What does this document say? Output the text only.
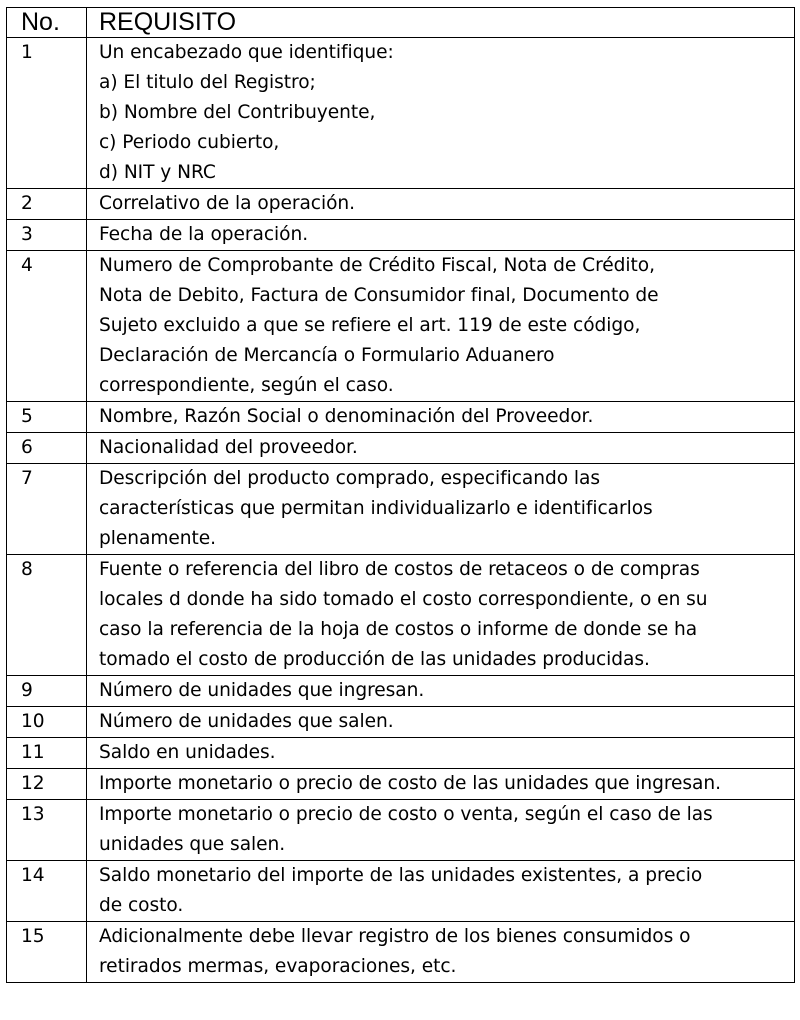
No.	REQUISITO
1	Un encabezado que identifique:
a) El titulo del Registro;
b) Nombre del Contribuyente,
c) Periodo cubierto,
d) NIT y NRC

2	Correlativo de la operación.

3	Fecha de la operación.

4	Numero de Comprobante de Crédito Fiscal, Nota de Crédito,
Nota de Debito, Factura de Consumidor final, Documento de
Sujeto excluido a que se refiere el art. 119 de este código,
Declaración de Mercancía o Formulario Aduanero
correspondiente, según el caso.

5	Nombre, Razón Social o denominación del Proveedor.

6	Nacionalidad del proveedor.

7	Descripción del producto comprado, especificando las
características que permitan individualizarlo e identificarlos
plenamente.

8	Fuente o referencia del libro de costos de retaceos o de compras
locales d donde ha sido tomado el costo correspondiente, o en su
caso la referencia de la hoja de costos o informe de donde se ha
tomado el costo de producción de las unidades producidas.

9	Número de unidades que ingresan.

10	Número de unidades que salen.

11	Saldo en unidades.

12	Importe monetario o precio de costo de las unidades que ingresan.

13	Importe monetario o precio de costo o venta, según el caso de las
unidades que salen.

14	Saldo monetario del importe de las unidades existentes, a precio
de costo.

15	Adicionalmente debe llevar registro de los bienes consumidos o
retirados mermas, evaporaciones, etc.
